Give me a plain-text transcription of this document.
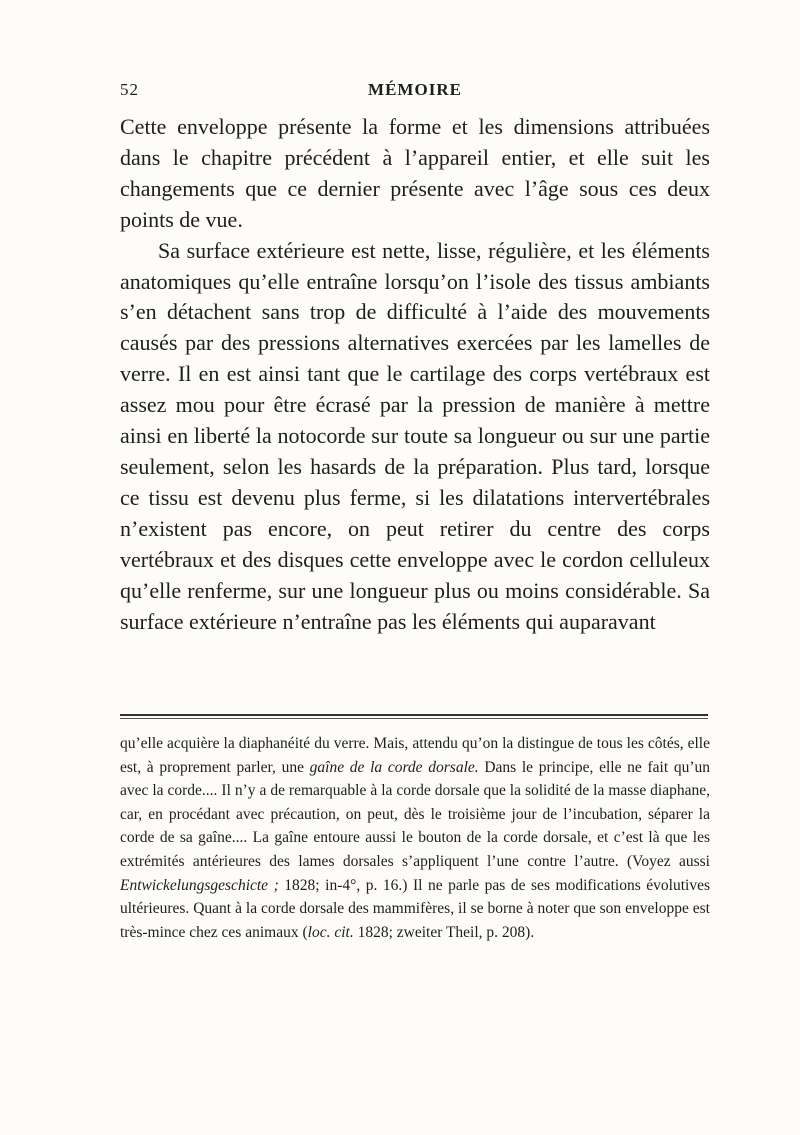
52	MÉMOIRE

Cette enveloppe présente la forme et les dimensions attribuées dans le chapitre précédent à l’appareil entier, et elle suit les changements que ce dernier présente avec l’âge sous ces deux points de vue.

Sa surface extérieure est nette, lisse, régulière, et les éléments anatomiques qu’elle entraîne lorsqu’on l’isole des tissus ambiants s’en détachent sans trop de difficulté à l’aide des mouvements causés par des pressions alternatives exercées par les lamelles de verre. Il en est ainsi tant que le cartilage des corps vertébraux est assez mou pour être écrasé par la pression de manière à mettre ainsi en liberté la notocorde sur toute sa longueur ou sur une partie seulement, selon les hasards de la préparation. Plus tard, lorsque ce tissu est devenu plus ferme, si les dilatations intervertébrales n’existent pas encore, on peut retirer du centre des corps vertébraux et des disques cette enveloppe avec le cordon celluleux qu’elle renferme, sur une longueur plus ou moins considérable. Sa surface extérieure n’entraîne pas les éléments qui auparavant

qu’elle acquière la diaphanéité du verre. Mais, attendu qu’on la distingue de tous les côtés, elle est, à proprement parler, une gaîne de la corde dorsale. Dans le principe, elle ne fait qu’un avec la corde.... Il n’y a de remarquable à la corde dorsale que la solidité de la masse diaphane, car, en procédant avec précaution, on peut, dès le troisième jour de l’incubation, séparer la corde de sa gaîne.... La gaîne entoure aussi le bouton de la corde dorsale, et c’est là que les extrémités antérieures des lames dorsales s’appliquent l’une contre l’autre. (Voyez aussi Entwickelungsgeschicte ; 1828; in-4°, p. 16.) Il ne parle pas de ses modifications évolutives ultérieures. Quant à la corde dorsale des mammifères, il se borne à noter que son enveloppe est très-mince chez ces animaux (loc. cit. 1828; zweiter Theil, p. 208).
